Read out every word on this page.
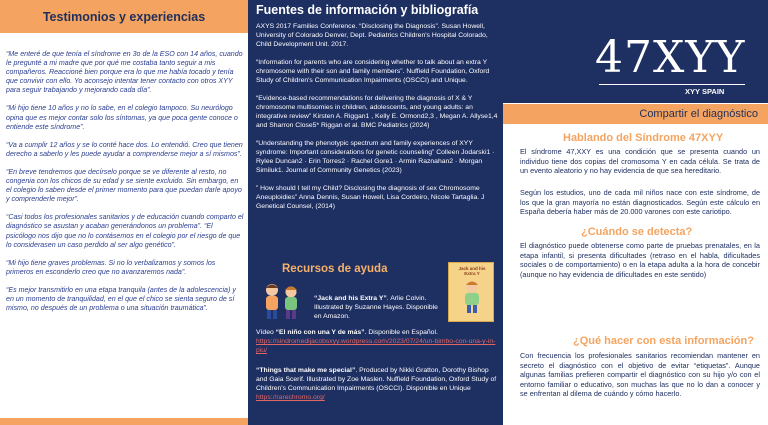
Testimonios y experiencias

“Me enteré de que tenía el síndrome en 3o de la ESO con 14 años, cuando le pregunté a mi madre que por qué me costaba tanto seguir a mis compañeros. Reaccioné bien porque era lo que me había tocado y tenía que convivir con ello. Yo aconsejo intentar tener contacto con otros XYY para seguir trabajando y mejorando cada día”.

“Mi hijo tiene 10 años y no lo sabe, en el colegio tampoco. Su neurólogo opina que es mejor contar solo los síntomas, ya que poca gente conoce o entiende este síndrome”.

“Va a cumplir 12 años y se lo conté hace dos. Lo entendió. Creo que tienen derecho a saberlo y les puede ayudar a comprenderse mejor a sí mismos”.

“En breve tendremos que decírselo porque se ve diferente al resto, no congenia con los chicos de su edad y se siente excluido. Sin embargo, en el colegio lo saben desde el primer momento para que puedan darle apoyo y comprenderle mejor”.

“Casi todos los profesionales sanitarios y de educación cuando comparto el diagnóstico se asustan y acaban generándonos un problema”. “El psicólogo nos dijo que no lo contásemos en el colegio por el riesgo de que lo considerasen un caso perdido al ser algo genético”.

“Mi hijo tiene graves problemas. Si no lo verbalizamos y somos los primeros en esconderlo creo que no avanzaremos nada”.

“Es mejor transmitirlo en una etapa tranquila (antes de la adolescencia) y en un momento de tranquilidad, en el que el chico se sienta seguro de sí mismo, no después de un problema o una situación traumática”.

Fuentes de información y bibliografía

AXYS 2017 Families Conference. “Disclosing the Diagnosis”. Susan Howell, University of Colorado Denver, Dept. Pediatrics Children's Hospital Colorado, Child Development Unit. 2017.

“Information for parents who are considering whether to talk about an extra Y chromosome with their son and family members”. Nuffield Foundation, Oxford Study of Children's Communication Impairments (OSCCI) and Unique.

“Evidence-based recommendations for delivering the diagnosis of X & Y chromosome multisomies in children, adolescents, and young adults: an integrative review” Kirsten A. Riggan1 , Kelly E. Ormond2,3 , Megan A. Allyse1,4 and Sharron Close5* Riggan et al. BMC Pediatrics (2024)

“Understanding the phenotypic spectrum and family experiences of XYY syndrome: Important considerations for genetic counseling” Colleen Jodarski1 · Rylee Duncan2 · Erin Torres2 · Rachel Gore1 · Armin Raznahan2 · Morgan Similuk1. Journal of Community Genetics (2023)

” How should I tell my Child? Disclosing the diagnosis of sex Chromosome Aneuploidies” Anna Dennis, Susan Howell, Lisa Cordeiro, Nicole Tartaglia. J Genetical Counsel, (2014)

Recursos de ayuda	Jack and his Extra Y
“Jack and his Extra Y”. Arlie Colvin. Illustrated by Suzanne Hayes. Disponible en Amazon.
Vídeo “El niño con una Y de más”. Disponible en Español.
https://sindromedijacobsxyy.wordpress.com/2023/07/24/un-bimbo-con-una-y-in-piu/
“Things that make me special”. Produced by Nikki Gratton, Dorothy Bishop and Gaia Scerif. Illustrated by Zoe Maslen. Nuffield Foundation, Oxford Study of Children's Communication Impairments (OSCCI). Disponible en Unique
https://rarechromo.org/
47XYY
XYY SPAIN
Compartir el diagnóstico
Hablando del Síndrome 47XYY

El síndrome 47,XXY es una condición que se presenta cuando un individuo tiene dos copias del cromosoma Y en cada célula. Se trata de un evento aleatorio y no hay evidencia de que sea hereditario.

Según los estudios, uno de cada mil niños nace con este síndrome, de los que la gran mayoría no están diagnosticados. Según este cálculo en España debería haber más de 20.000 varones con este cariotipo.

¿Cuándo se detecta?

El diagnóstico puede obtenerse como parte de pruebas prenatales, en la etapa infantil, si presenta dificultades (retraso en el habla, dificultades sociales o de comportamiento) o en la etapa adulta a la hora de concebir (aunque no hay evidencia de dificultades en este sentido)

¿Qué hacer con esta información?

Con frecuencia los profesionales sanitarios recomiendan mantener en secreto el diagnóstico con el objetivo de evitar “etiquetas”. Aunque algunas familias prefieren compartir el diagnóstico con su hijo y/o con el entorno familiar o educativo, son muchas las que no lo dan a conocer y se enfrentan al dilema de cuándo y cómo hacerlo.
